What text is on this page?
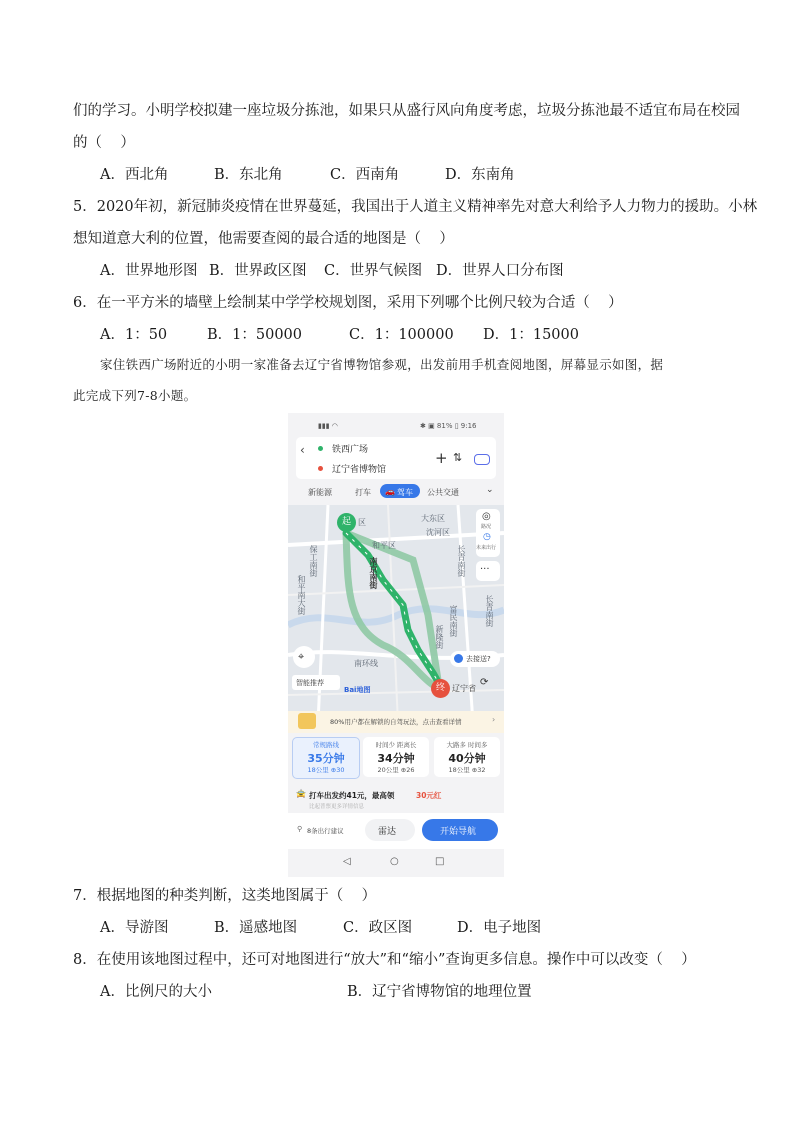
们的学习。小明学校拟建一座垃圾分拣池，如果只从盛行风向角度考虑，垃圾分拣池最不适宜布局在校园
的（    ）
A．西北角	B．东北角	C．西南角	D．东南角
5．2020年初，新冠肺炎疫情在世界蔓延，我国出于人道主义精神率先对意大利给予人力物力的援助。小林
想知道意大利的位置，他需要查阅的最合适的地图是（    ）
A．世界地形图 B．世界政区图 C．世界气候图 D．世界人口分布图
6．在一平方米的墙壁上绘制某中学学校规划图，采用下列哪个比例尺较为合适（    ）
A．1：50	B．1：50000	C．1：100000 D．1：15000
家住铁西广场附近的小明一家准备去辽宁省博物馆参观，出发前用手机查阅地图，屏幕显示如图，据
此完成下列7-8小题。
▮▮▮ ◠	✱ ▣ 81% ▯ 9:16
‹	铁西广场
辽宁省博物馆
+ ⇅
新能源	打车 🚗 驾车 公共交通	⌄
起
终
区	大东区
沈河区
和平区
南京南街
南环线
长青南街
新隆街 富民南街	长青南街
保工南街
和平南大街
辽宁省
◎
路况
◷
未来出行
···
⌖	去接送?
智能推荐
Bai地图
⟳
80%用户都在解锁的自驾玩法，点击查看详情	›
常规路线
35分钟
18公里 ⊕30
时间少 距离长
34分钟
20公里 ⊕26
大路多 时间多
40分钟
18公里 ⊕32
🚖 打车出发约41元，最高领	30元红
比起普票更多详情信息
⚲ 8条出行建议	雷达	开始导航
◁	○	□
7．根据地图的种类判断，这类地图属于（    ）
A．导游图	B．遥感地图	C．政区图	D．电子地图
8．在使用该地图过程中，还可对地图进行“放大”和“缩小”查询更多信息。操作中可以改变（    ）
A．比例尺的大小	B．辽宁省博物馆的地理位置
